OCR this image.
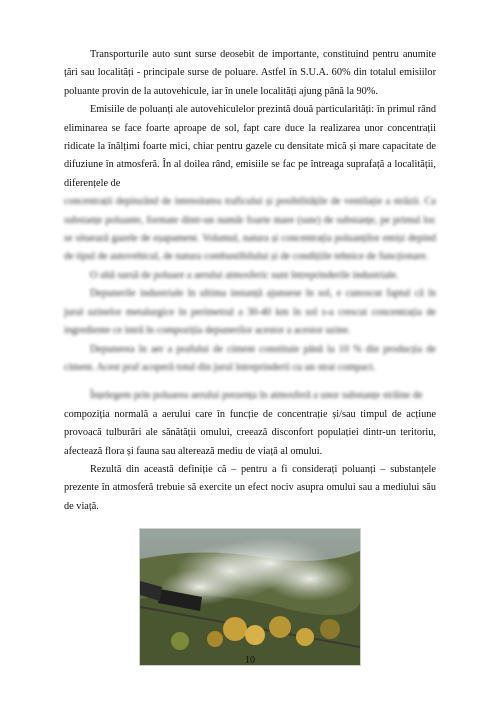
Transporturile auto sunt surse deosebit de importante, constituind pentru anumite țări sau localități - principale surse de poluare. Astfel în S.U.A. 60% din totalul emisiilor poluante provin de la autovehicule, iar în unele localități ajung până la 90%.

Emisiile de poluanți ale autovehiculelor prezintă două particularități: în primul rând eliminarea se face foarte aproape de sol, fapt care duce la realizarea unor concentrații ridicate la înălțimi foarte mici, chiar pentru gazele cu densitate mică și mare capacitate de difuziune în atmosferă. În al doilea rând, emisiile se fac pe întreaga suprafață a localității, diferențele de

concentrații depinzând de intensitatea traficului și posibilitățile de ventilație a străzii. Ca substanțe poluante, formate dintr-un număr foarte mare (sute) de substanțe, pe primul loc se situează gazele de eșapament. Volumul, natura și concentrația poluanților emiși depind de tipul de autovehicul, de natura combustibilului și de condițiile tehnice de funcționare.

O altă sursă de poluare a aerului atmosferic sunt întreprinderile industriale.

Depunerile industriale în ultima instanță ajunsese în sol, e cunoscut faptul că în jurul uzinelor metalurgice în perimetrul a 30-40 km în sol s-a crescut concentrația de ingrediente ce intră în compoziția depunerilor acestor a acestor uzine.

Depunerea în aer a prafului de ciment constituie până la 10 % din producția de ciment. Acest praf acoperă totul din jurul întreprinderii cu un strat compact.

Înțelegem prin poluarea aerului prezența în atmosferă a unor substanțe străine de

compoziția normală a aerului care în funcție de concentrație și/sau timpul de acțiune provoacă tulburări ale sănătății omului, creează disconfort populației dintr-un teritoriu, afectează flora și fauna sau alterează mediu de viață al omului.

Rezultă din această definiție că – pentru a fi considerați poluanți – substanțele prezente în atmosferă trebuie să exercite un efect nociv asupra omului sau a mediului său de viață.

10
